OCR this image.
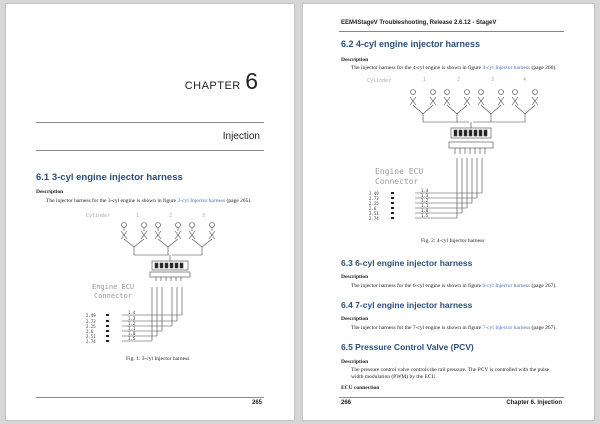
CHAPTER 6
Injection
6.1 3-cyl engine injector harness
Description
The injector harness for the 3-cyl engine is shown in figure 3-cyl Injector harness (page 265).
Cylinder	1	2	3
Engine ECU
Connector
2.49
2.73
2.25
2.6
2.51
2.74
1.4
1.3
1.2
1.1
1.0
1.5
Fig. 1: 3-cyl Injector harness
265
EEM4StageV Troubleshooting, Release 2.6.12 - StageV
6.2 4-cyl engine injector harness
Description
The injector harness for the 4-cyl engine is shown in figure 4-cyl Injector harness (page 266).
Cylinder	1	2	3	4
Engine ECU
Connector
2.49
2.73
2.25
2.6
2.51
2.74
1.4
1.3
1.2
1.1
1.0
1.5
Fig. 2: 4-cyl Injector harness
6.3 6-cyl engine injector harness
Description
The injector harness for the 6-cyl engine is shown in figure 6-cyl Injector harness (page 267).
6.4 7-cyl engine injector harness
Description
The injector harness for the 7-cyl engine is shown in figure 7-cyl Injector harness (page 267).
6.5 Pressure Control Valve (PCV)
Description
The pressure control valve controls the rail pressure. The PCV is controlled with the pulse width modulation (PWM) by the ECU.
ECU connection
266	Chapter 6. Injection
